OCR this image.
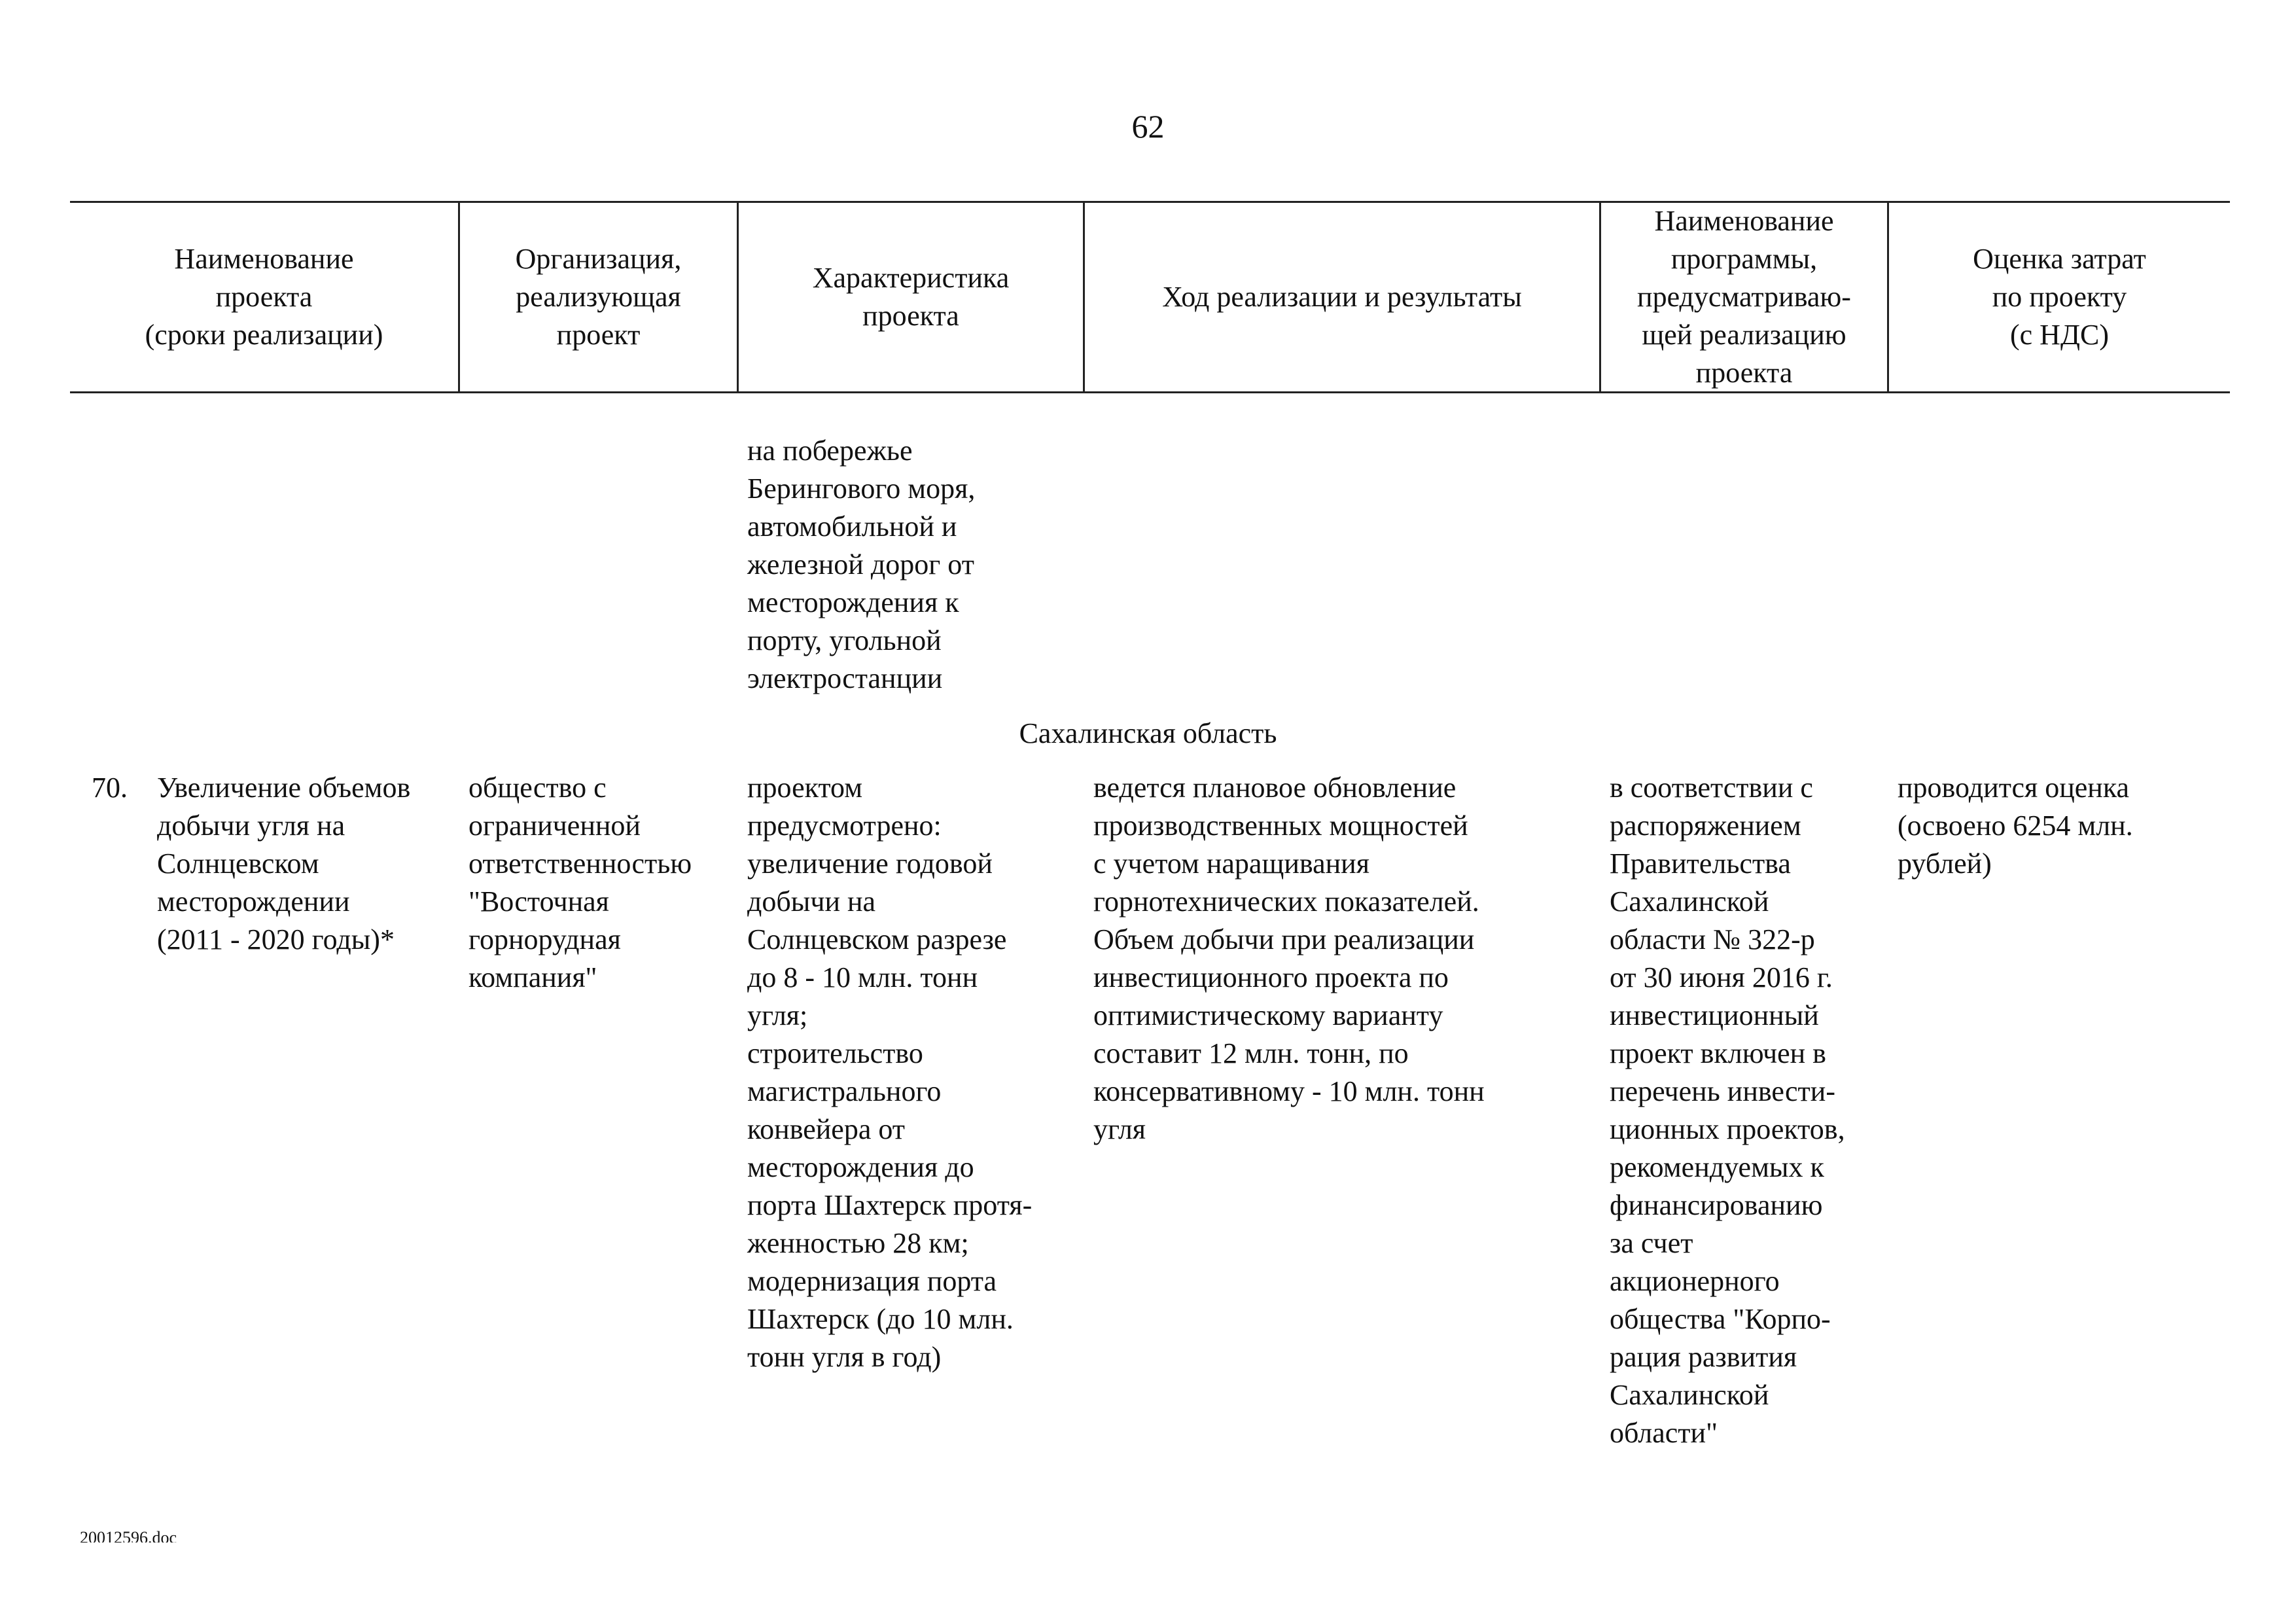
62
Наименование
проекта
(сроки реализации)
Организация,
реализующая
проект
Характеристика
проекта
Ход реализации и результаты
Наименование
программы,
предусматриваю-
щей реализацию
проекта
Оценка затрат
по проекту
(с НДС)
на побережье
Берингового моря,
автомобильной и
железной дорог от
месторождения к
порту, угольной
электростанции
Сахалинская область
70. Увеличение объемов
добычи угля на
Солнцевском
месторождении
(2011 - 2020 годы)*
общество с
ограниченной
ответственностью
"Восточная
горнорудная
компания"
проектом
предусмотрено:
увеличение годовой
добычи на
Солнцевском разрезе
до 8 - 10 млн. тонн
угля;
строительство
магистрального
конвейера от
месторождения до
порта Шахтерск протя-
женностью 28 км;
модернизация порта
Шахтерск (до 10 млн.
тонн угля в год)
ведется плановое обновление
производственных мощностей
с учетом наращивания
горнотехнических показателей.
Объем добычи при реализации
инвестиционного проекта по
оптимистическому варианту
составит 12 млн. тонн, по
консервативному - 10 млн. тонн
угля
в соответствии с
распоряжением
Правительства
Сахалинской
области № 322-р
от 30 июня 2016 г.
инвестиционный
проект включен в
перечень инвести-
ционных проектов,
рекомендуемых к
финансированию
за счет
акционерного
общества "Корпо-
рация развития
Сахалинской
области"
проводится оценка
(освоено 6254 млн.
рублей)
20012596.doc
